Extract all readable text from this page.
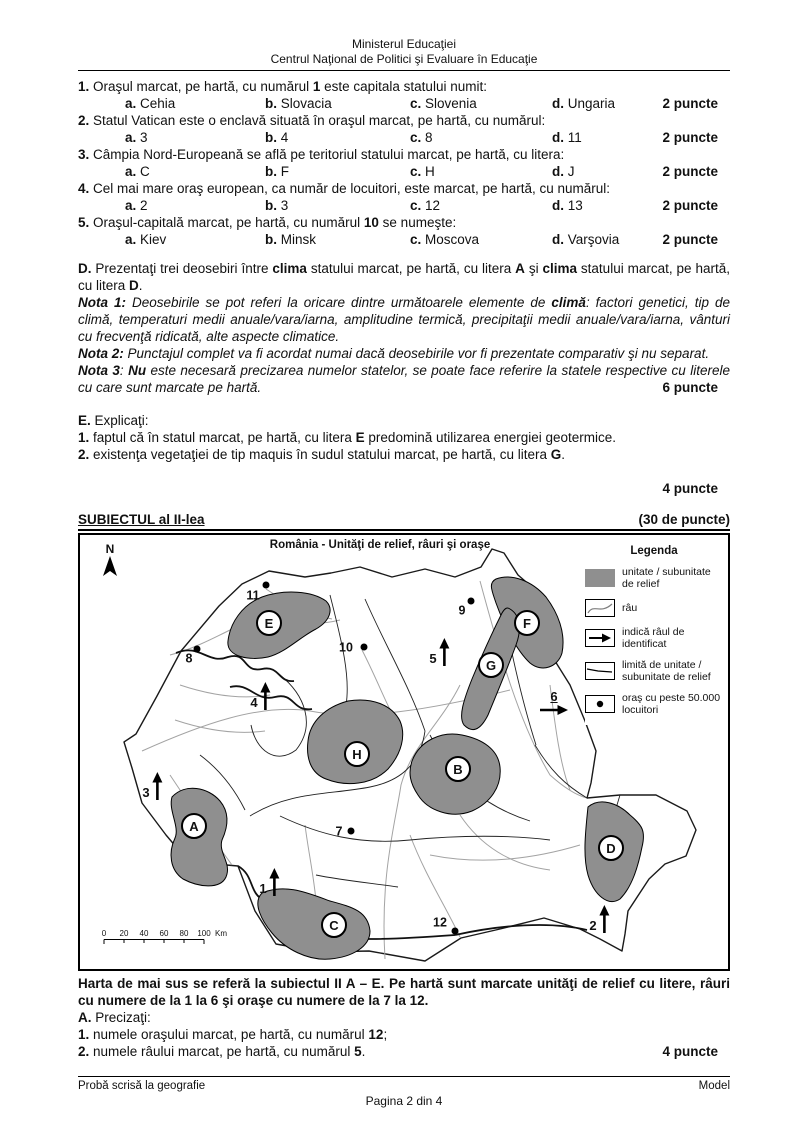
Ministerul Educaţiei
Centrul Naţional de Politici şi Evaluare în Educaţie
1. Oraşul marcat, pe hartă, cu numărul 1 este capitala statului numit:
a. Cehia	b. Slovacia	c. Slovenia	d. Ungaria	2 puncte
2. Statul Vatican este o enclavă situată în oraşul marcat, pe hartă, cu numărul:
a. 3	b. 4	c. 8	d. 11	2 puncte
3. Câmpia Nord-Europeană se află pe teritoriul statului marcat, pe hartă, cu litera:
a. C	b. F	c. H	d. J	2 puncte
4. Cel mai mare oraş european, ca număr de locuitori, este marcat, pe hartă, cu numărul:
a. 2	b. 3	c. 12	d. 13	2 puncte
5. Oraşul-capitală marcat, pe hartă, cu numărul 10 se numeşte:
a. Kiev	b. Minsk	c. Moscova	d. Varşovia	2 puncte
D. Prezentaţi trei deosebiri între clima statului marcat, pe hartă, cu litera A şi clima statului marcat, pe hartă, cu litera D.
Nota 1: Deosebirile se pot referi la oricare dintre următoarele elemente de climă: factori genetici, tip de climă, temperaturi medii anuale/vara/iarna, amplitudine termică, precipitaţii medii anuale/vara/iarna, vânturi cu frecvenţă ridicată, alte aspecte climatice.
Nota 2: Punctajul complet va fi acordat numai dacă deosebirile vor fi prezentate comparativ şi nu separat.
Nota 3: Nu este necesară precizarea numelor statelor, se poate face referire la statele respective cu literele cu care sunt marcate pe hartă.	6 puncte
E. Explicaţi:
1. faptul că în statul marcat, pe hartă, cu litera E predomină utilizarea energiei geotermice.
2. existenţa vegetaţiei de tip maquis în sudul statului marcat, pe hartă, cu litera G.
4 puncte
SUBIECTUL al II-lea	(30 de puncte)
România - Unităţi de relief, râuri şi oraşe
N	Legenda
unitate / subunitate de relief
râu
indică râul de identificat
limită de unitate / subunitate de relief
oraş cu peste 50.000 locuitori
A
B
C
D
E	F
G
H
7
8
9
10
11
12
1
2
3
4
5
6
0	20	40	60	80	100 Km
Harta de mai sus se referă la subiectul II A – E. Pe hartă sunt marcate unităţi de relief cu litere, râuri cu numere de la 1 la 6 şi oraşe cu numere de la 7 la 12.
A. Precizaţi:
1. numele oraşului marcat, pe hartă, cu numărul 12;
2. numele râului marcat, pe hartă, cu numărul 5.	4 puncte
Probă scrisă la geografie	Model
Pagina 2 din 4
